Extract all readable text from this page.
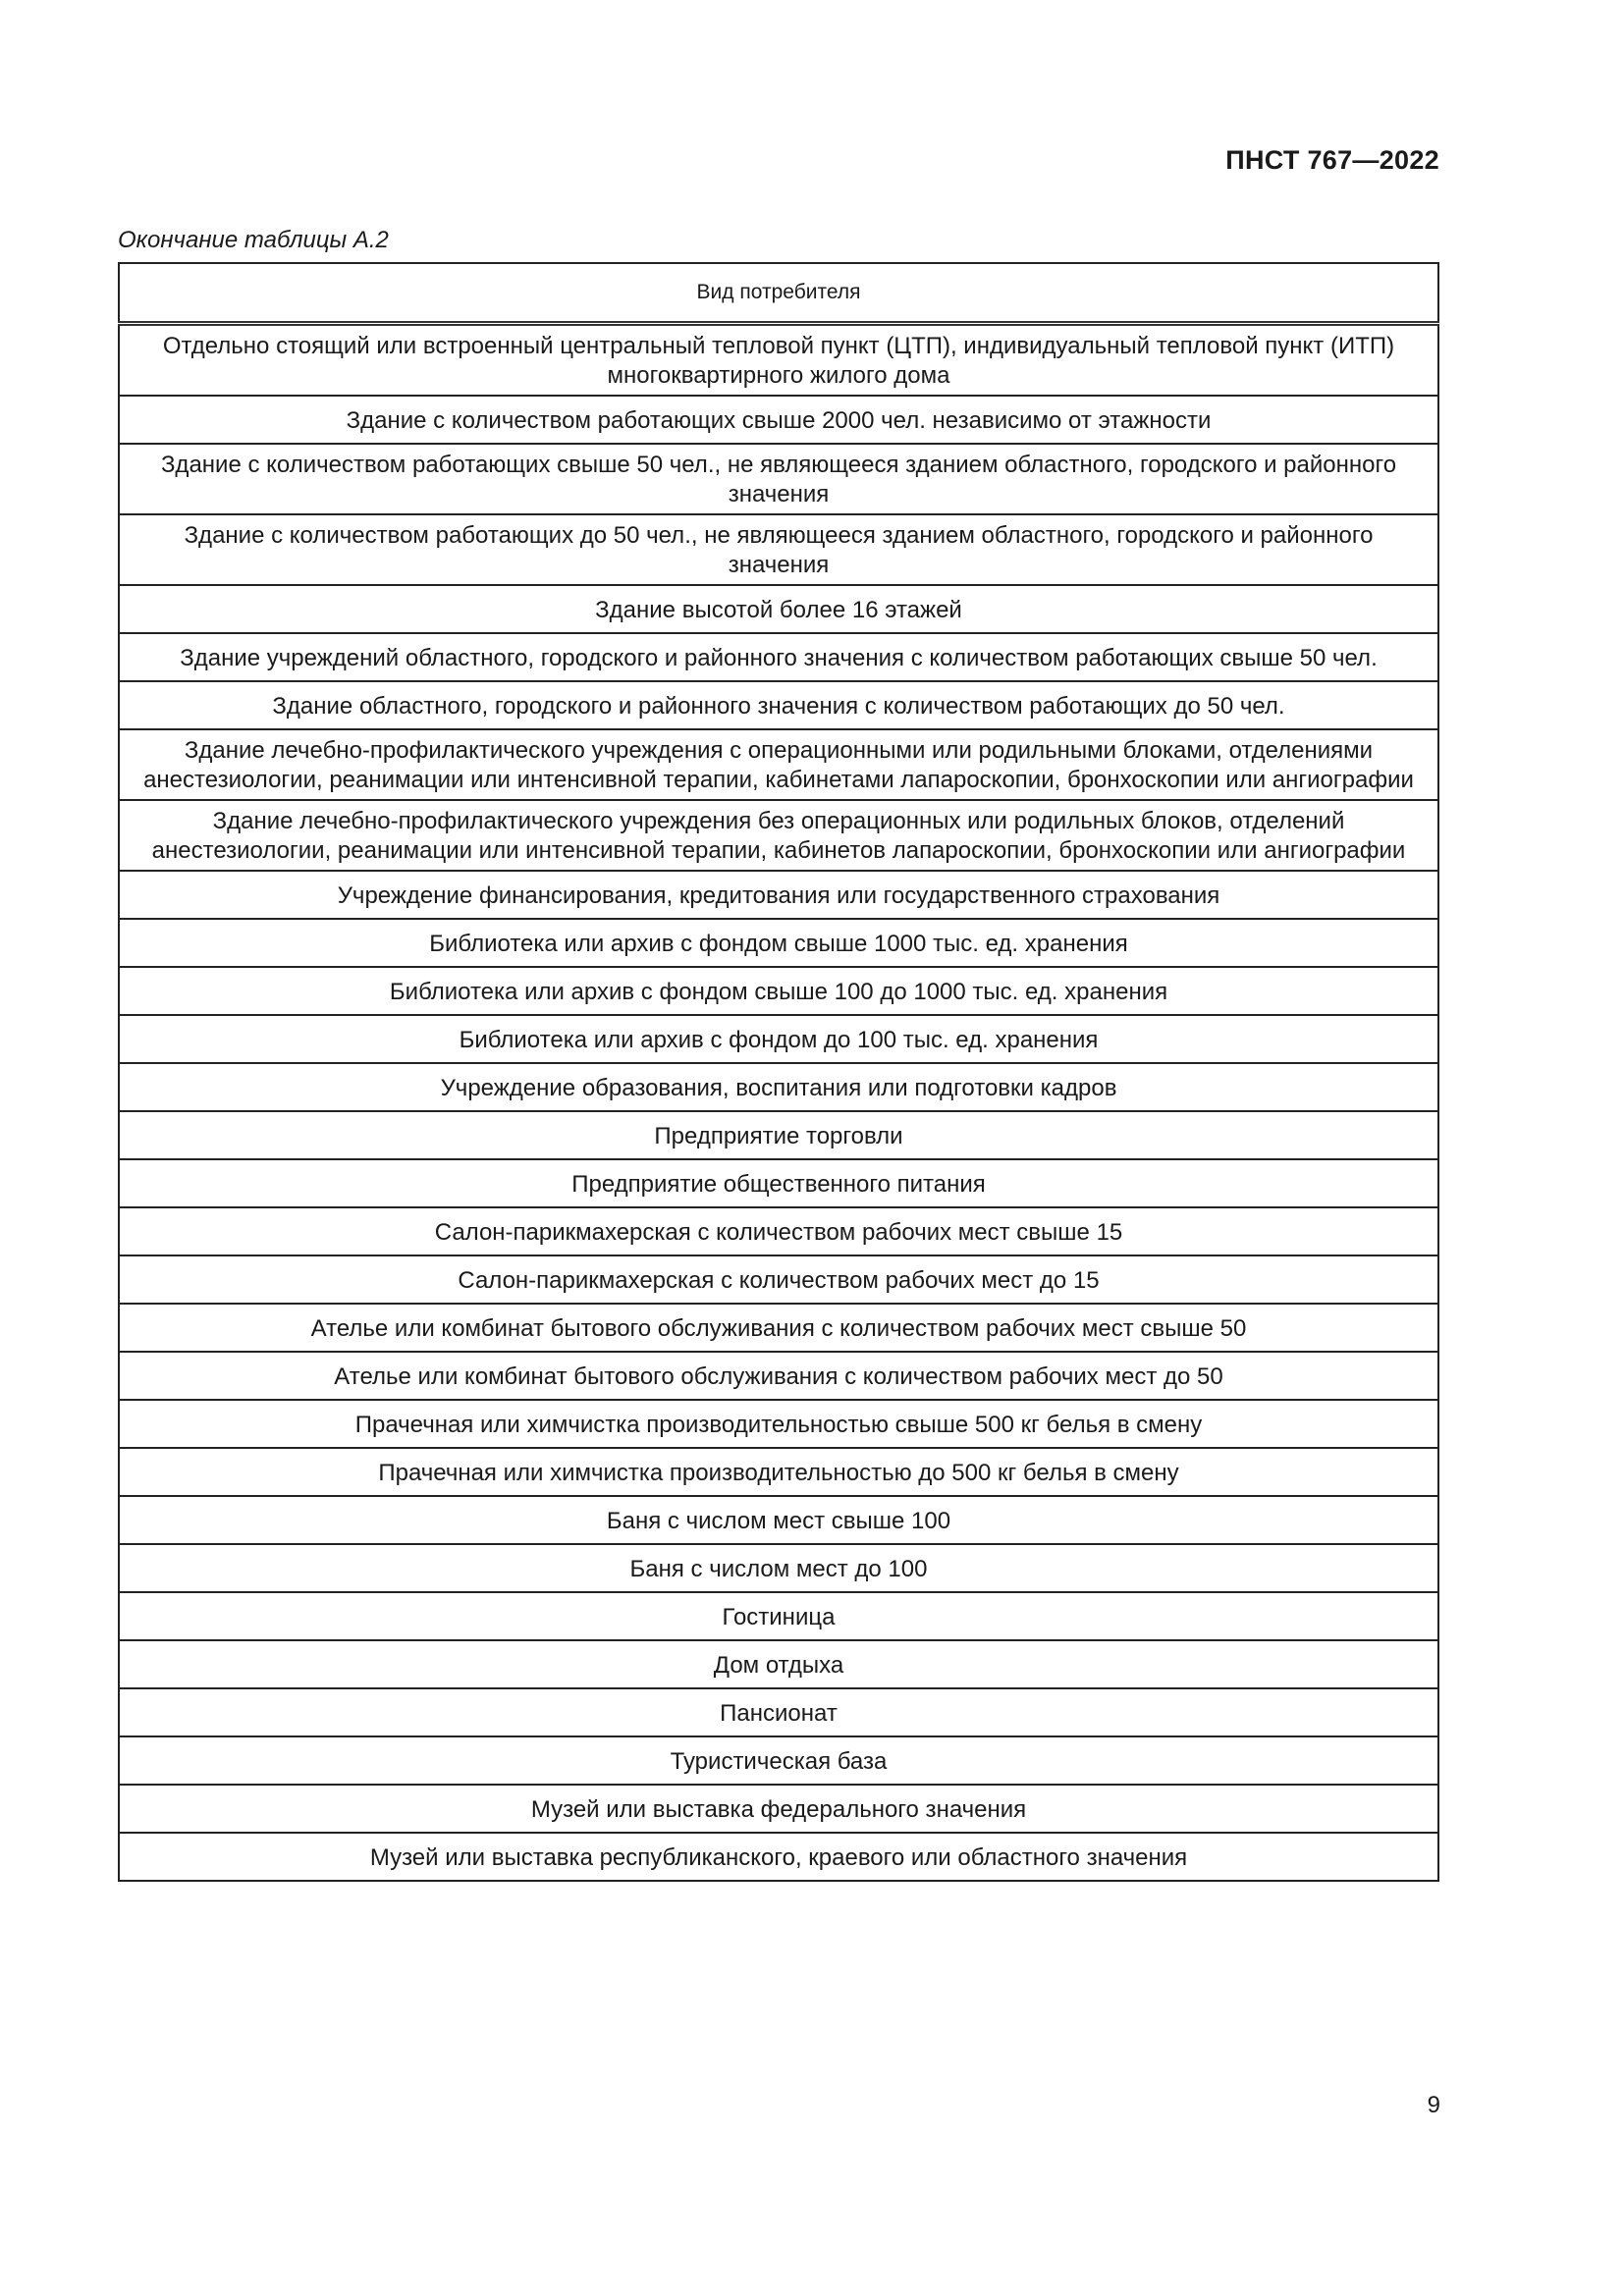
ПНСТ 767—2022
Окончание таблицы А.2
Вид потребителя
Отдельно стоящий или встроенный центральный тепловой пункт (ЦТП), индивидуальный тепловой пункт (ИТП) многоквартирного жилого дома
Здание с количеством работающих свыше 2000 чел. независимо от этажности
Здание с количеством работающих свыше 50 чел., не являющееся зданием областного, городского и районного значения
Здание с количеством работающих до 50 чел., не являющееся зданием областного, городского и районного значения
Здание высотой более 16 этажей
Здание учреждений областного, городского и районного значения с количеством работающих свыше 50 чел.
Здание областного, городского и районного значения с количеством работающих до 50 чел.
Здание лечебно-профилактического учреждения с операционными или родильными блоками, отделениями анестезиологии, реанимации или интенсивной терапии, кабинетами лапароскопии, бронхоскопии или ангиографии
Здание лечебно-профилактического учреждения без операционных или родильных блоков, отделений анестезиологии, реанимации или интенсивной терапии, кабинетов лапароскопии, бронхоскопии или ангиографии
Учреждение финансирования, кредитования или государственного страхования
Библиотека или архив с фондом свыше 1000 тыс. ед. хранения
Библиотека или архив с фондом свыше 100 до 1000 тыс. ед. хранения
Библиотека или архив с фондом до 100 тыс. ед. хранения
Учреждение образования, воспитания или подготовки кадров
Предприятие торговли
Предприятие общественного питания
Салон-парикмахерская с количеством рабочих мест свыше 15
Салон-парикмахерская с количеством рабочих мест до 15
Ателье или комбинат бытового обслуживания с количеством рабочих мест свыше 50
Ателье или комбинат бытового обслуживания с количеством рабочих мест до 50
Прачечная или химчистка производительностью свыше 500 кг белья в смену
Прачечная или химчистка производительностью до 500 кг белья в смену
Баня с числом мест свыше 100
Баня с числом мест до 100
Гостиница
Дом отдыха
Пансионат
Туристическая база
Музей или выставка федерального значения
Музей или выставка республиканского, краевого или областного значения
9
